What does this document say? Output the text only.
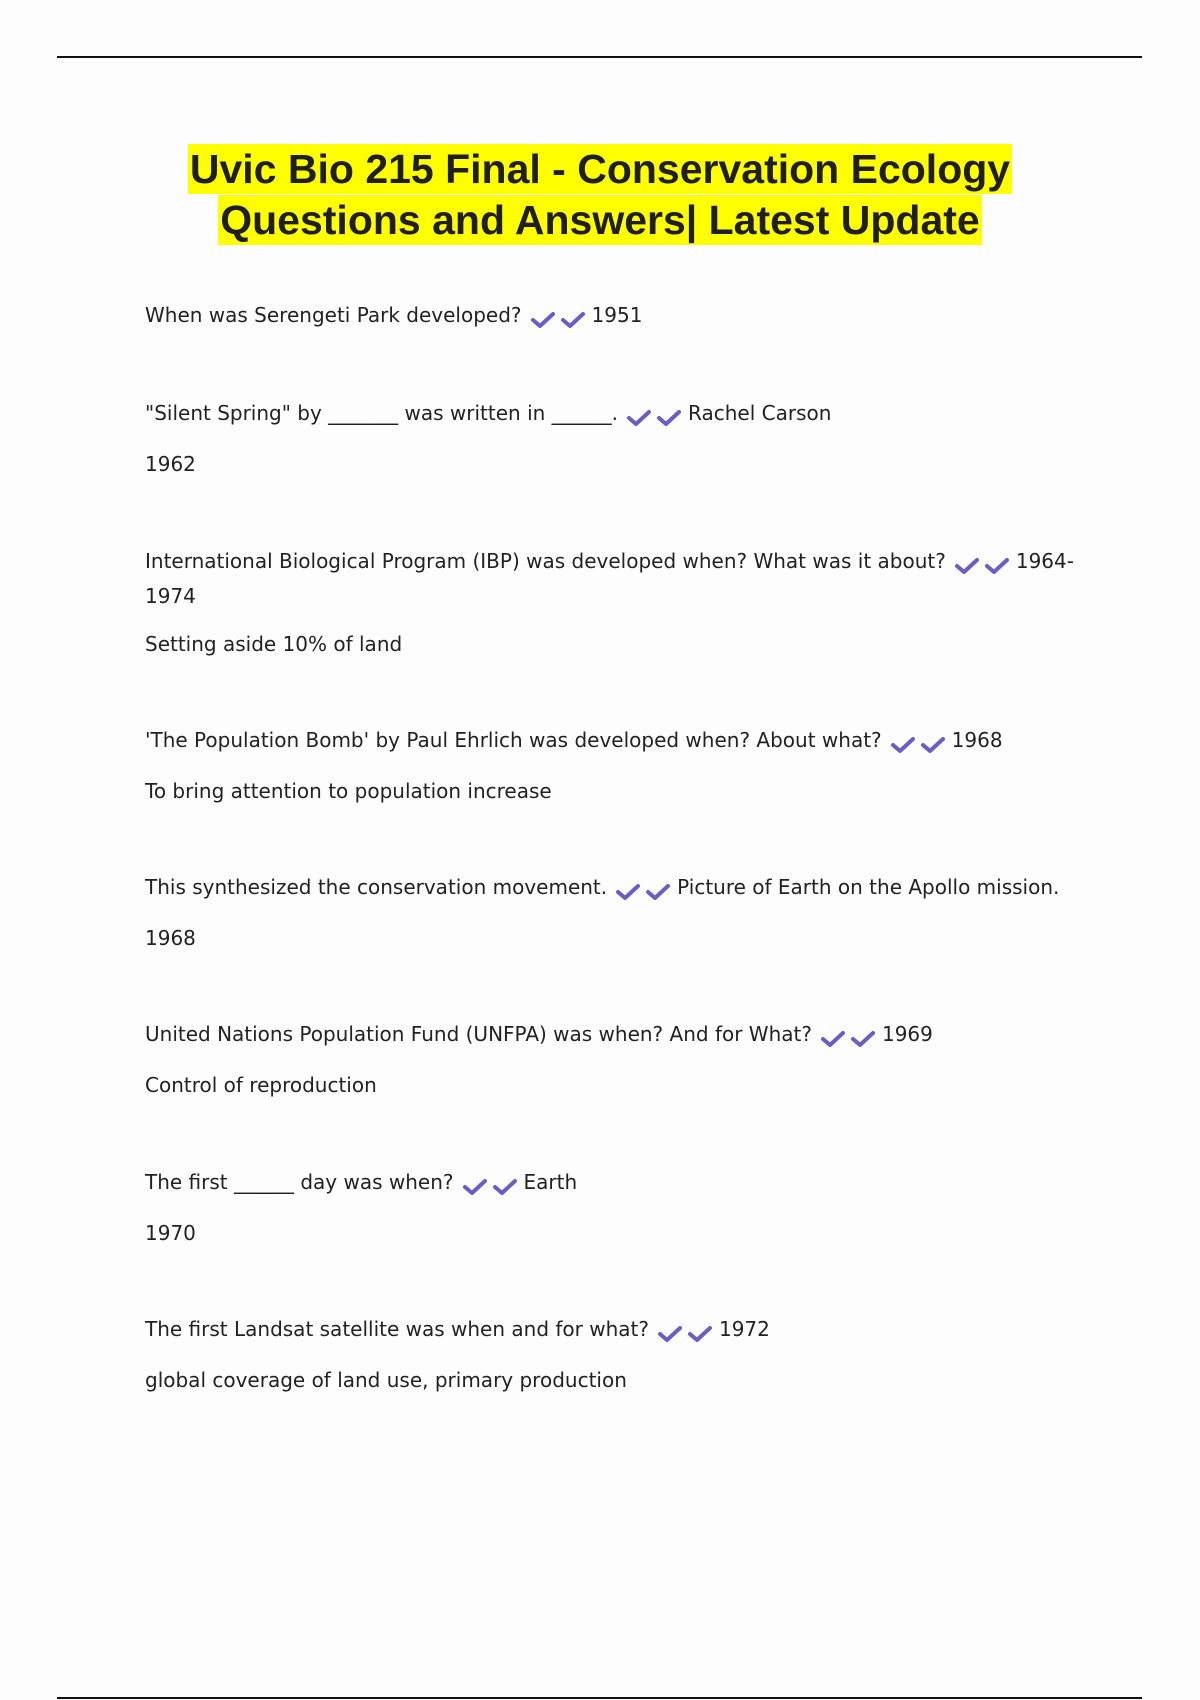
Uvic Bio 215 Final - Conservation Ecology
Questions and Answers| Latest Update
When was Serengeti Park developed?	1951
"Silent Spring" by _______ was written in ______.	Rachel Carson
1962
International Biological Program (IBP) was developed when? What was it about?	1964-
1974
Setting aside 10% of land
'The Population Bomb' by Paul Ehrlich was developed when? About what?	1968
To bring attention to population increase
This synthesized the conservation movement.	Picture of Earth on the Apollo mission.
1968
United Nations Population Fund (UNFPA) was when? And for What?	1969
Control of reproduction
The first ______ day was when?	Earth
1970
The first Landsat satellite was when and for what?	1972
global coverage of land use, primary production
